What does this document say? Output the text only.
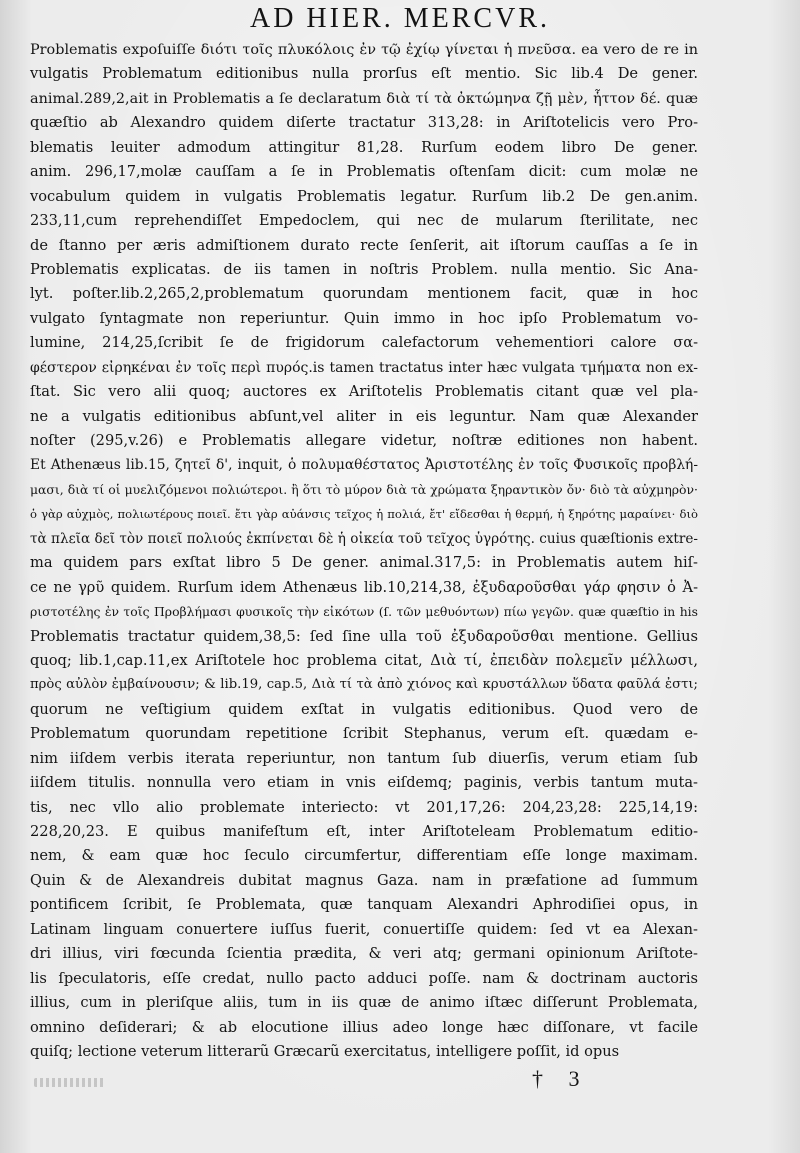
AD HIER. MERCVR.
Problematis expoſuiſſe διότι τοῖς πλυκόλοις ἐν τῷ ἐχίῳ γίνεται ἡ πνεῦσα. ea vero de re in
vulgatis Problematum editionibus nulla prorſus eſt mentio. Sic lib.4 De gener.
animal.289,2,ait in Problematis a ſe declaratum διὰ τί τὰ ὀκτώμηνα ζῇ μὲν, ἧττον δέ. quæ
quæſtio ab Alexandro quidem diſerte tractatur 313,28: in Ariſtotelicis vero Pro-
blematis leuiter admodum attingitur 81,28. Rurſum eodem libro De gener.
anim. 296,17,molæ cauſſam a ſe in Problematis oſtenſam dicit: cum molæ ne
vocabulum quidem in vulgatis Problematis legatur. Rurſum lib.2 De gen.anim.
233,11,cum reprehendiſſet Empedoclem, qui nec de mularum ſterilitate, nec
de ſtanno per æris admiſtionem durato recte ſenſerit, ait iſtorum cauſſas a ſe in
Problematis explicatas. de iis tamen in noſtris Problem. nulla mentio. Sic Ana-
lyt. poſter.lib.2,265,2,problematum quorundam mentionem facit, quæ in hoc
vulgato ſyntagmate non reperiuntur. Quin immo in hoc ipſo Problematum vo-
lumine, 214,25,ſcribit ſe de frigidorum calefactorum vehementiori calore σα-
φέστερον εἰρηκέναι ἐν τοῖς περὶ πυρός.is tamen tractatus inter hæc vulgata τμήματα non ex-
ſtat. Sic vero alii quoq; auctores ex Ariſtotelis Problematis citant quæ vel pla-
ne a vulgatis editionibus abſunt,vel aliter in eis leguntur. Nam quæ Alexander
noſter (295,v.26) e Problematis allegare videtur, noſtræ editiones non habent.
Et Athenæus lib.15, ζητεῖ δ', inquit, ὁ πολυμαθέστατος Ἀριστοτέλης ἐν τοῖς Φυσικοῖς προβλή-
μασι, διὰ τί οἱ μυελιζόμενοι πολιώτεροι. ἢ ὅτι τὸ μύρον διὰ τὰ χρώματα ξηραντικὸν ὄν· διὸ τὰ αὐχμηρὸν·
ὁ γὰρ αὐχμὸς, πολιωτέρους ποιεῖ. ἔτι γὰρ αὐάνσις τεῖχος ἡ πολιά, ἔτ' εἴδεσθαι ἡ θερμή, ἡ ξηρότης μαραίνει· διὸ
τὰ πλεῖα δεῖ τὸν ποιεῖ πολιούς ἐκπίνεται δὲ ἡ οἰκεία τοῦ τεῖχος ὑγρότης. cuius quæſtionis extre-
ma quidem pars exſtat libro 5 De gener. animal.317,5: in Problematis autem hiſ-
ce ne γρῦ quidem. Rurſum idem Athenæus lib.10,214,38, ἐξυδαροῦσθαι γάρ φησιν ὁ Ἀ-
ριστοτέλης ἐν τοῖς Προβλήμασι φυσικοῖς τὴν εἰκότων (ſ. τῶν μεθυόντων) πίω γεγῶν. quæ quæſtio in his
Problematis tractatur quidem,38,5: ſed ſine ulla τοῦ ἐξυδαροῦσθαι mentione. Gellius
quoq; lib.1,cap.11,ex Ariſtotele hoc problema citat, Διὰ τί, ἐπειδὰν πολεμεῖν μέλλωσι,
πρὸς αὐλὸν ἐμβαίνουσιν; & lib.19, cap.5, Διὰ τί τὰ ἀπὸ χιόνος καὶ κρυστάλλων ὕδατα φαῦλά ἐστι;
quorum ne veſtigium quidem exſtat in vulgatis editionibus. Quod vero de
Problematum quorundam repetitione ſcribit Stephanus, verum eſt. quædam e-
nim iiſdem verbis iterata reperiuntur, non tantum ſub diuerſis, verum etiam ſub
iiſdem titulis. nonnulla vero etiam in vnis eiſdemq; paginis, verbis tantum muta-
tis, nec vllo alio problemate interiecto: vt 201,17,26: 204,23,28: 225,14,19:
228,20,23. E quibus manifeſtum eſt, inter Ariſtoteleam Problematum editio-
nem, & eam quæ hoc ſeculo circumfertur, differentiam eſſe longe maximam.
Quin & de Alexandreis dubitat magnus Gaza. nam in præfatione ad ſummum
pontificem ſcribit, ſe Problemata, quæ tanquam Alexandri Aphrodiſiei opus, in
Latinam linguam conuertere iuſſus fuerit, conuertiſſe quidem: ſed vt ea Alexan-
dri illius, viri fœcunda ſcientia prædita, & veri atq; germani opinionum Ariſtote-
lis ſpeculatoris, eſſe credat, nullo pacto adduci poſſe. nam & doctrinam auctoris
illius, cum in pleriſque aliis, tum in iis quæ de animo iſtæc diſſerunt Problemata,
omnino deſiderari; & ab elocutione illius adeo longe hæc diſſonare, vt facile
quiſq; lectione veterum litterarũ Græcarũ exercitatus, intelligere poſſit, id opus
† 3
